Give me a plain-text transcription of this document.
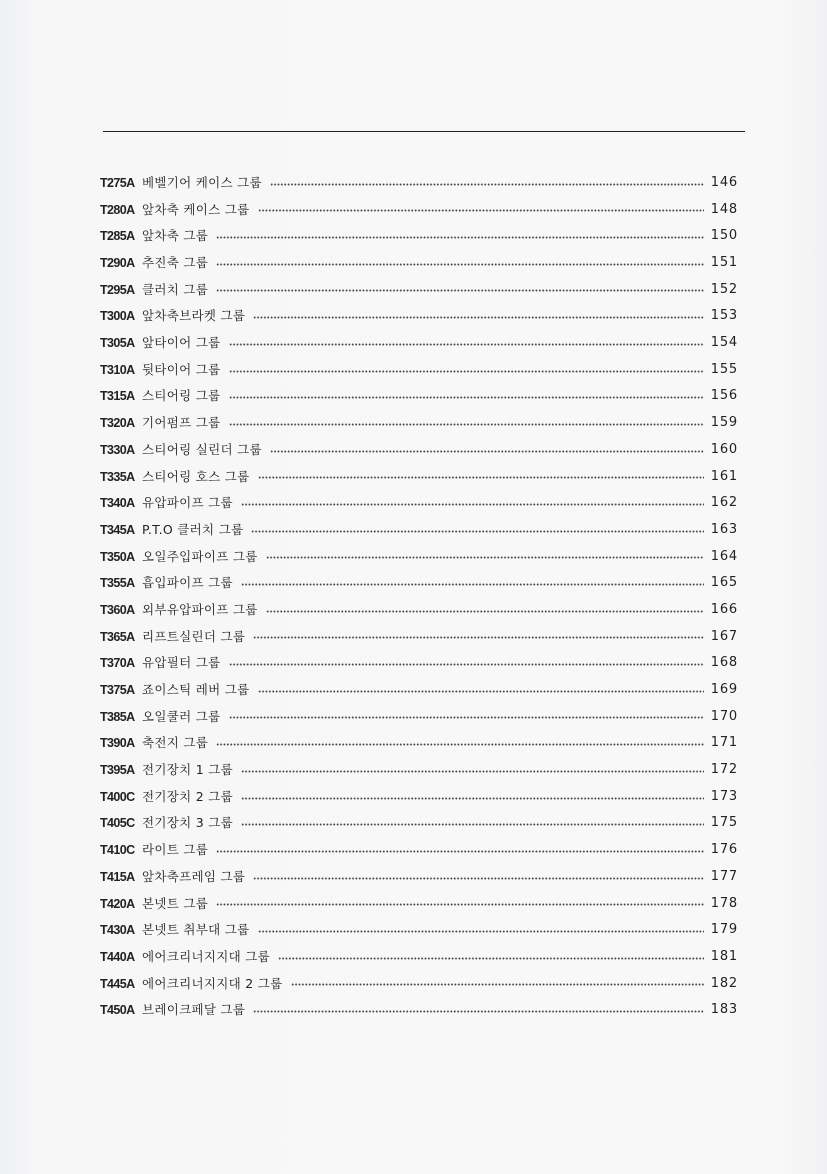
T275A 베벨기어 케이스 그룹	146
T280A 앞차축 케이스 그룹	148
T285A 앞차축 그룹	150
T290A 추진축 그룹	151
T295A 클러치 그룹	152
T300A 앞차축브라켓 그룹	153
T305A 앞타이어 그룹	154
T310A 뒷타이어 그룹	155
T315A 스티어링 그룹	156
T320A 기어펌프 그룹	159
T330A 스티어링 실린더 그룹	160
T335A 스티어링 호스 그룹	161
T340A 유압파이프 그룹	162
T345A P.T.O 클러치 그룹	163
T350A 오일주입파이프 그룹	164
T355A 흡입파이프 그룹	165
T360A 외부유압파이프 그룹	166
T365A 리프트실린더 그룹	167
T370A 유압필터 그룹	168
T375A 죠이스틱 레버 그룹	169
T385A 오일쿨러 그룹	170
T390A 축전지 그룹	171
T395A 전기장치 1 그룹	172
T400C 전기장치 2 그룹	173
T405C 전기장치 3 그룹	175
T410C 라이트 그룹	176
T415A 앞차축프레임 그룹	177
T420A 본넷트 그룹	178
T430A 본넷트 취부대 그룹	179
T440A 에어크리너지지대 그룹	181
T445A 에어크리너지지대 2 그룹	182
T450A 브레이크페달 그룹	183
